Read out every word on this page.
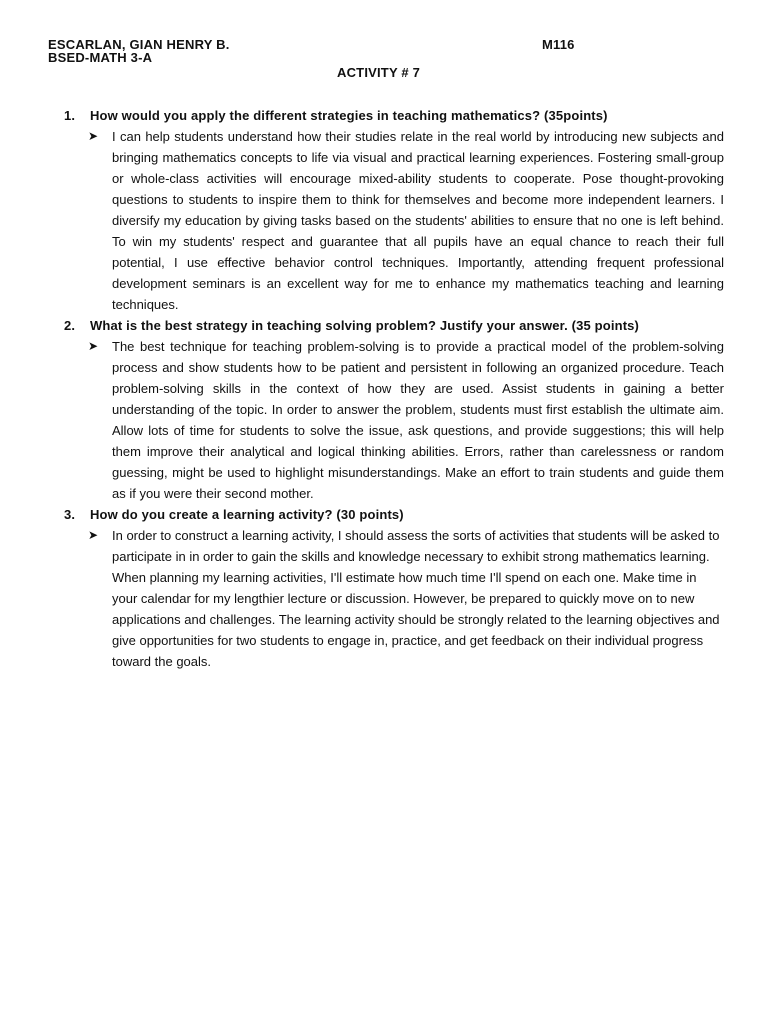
ESCARLAN, GIAN HENRY B.
BSED-MATH 3-A
M116
ACTIVITY # 7
1.	How would you apply the different strategies in teaching mathematics? (35points)
➤	I can help students understand how their studies relate in the real world by introducing new subjects and bringing mathematics concepts to life via visual and practical learning experiences. Fostering small-group or whole-class activities will encourage mixed-ability students to cooperate. Pose thought-provoking questions to students to inspire them to think for themselves and become more independent learners. I diversify my education by giving tasks based on the students' abilities to ensure that no one is left behind. To win my students' respect and guarantee that all pupils have an equal chance to reach their full potential, I use effective behavior control techniques. Importantly, attending frequent professional development seminars is an excellent way for me to enhance my mathematics teaching and learning techniques.

2.	What is the best strategy in teaching solving problem? Justify your answer. (35 points)
➤	The best technique for teaching problem-solving is to provide a practical model of the problem-solving process and show students how to be patient and persistent in following an organized procedure. Teach problem-solving skills in the context of how they are used. Assist students in gaining a better understanding of the topic. In order to answer the problem, students must first establish the ultimate aim. Allow lots of time for students to solve the issue, ask questions, and provide suggestions; this will help them improve their analytical and logical thinking abilities. Errors, rather than carelessness or random guessing, might be used to highlight misunderstandings. Make an effort to train students and guide them as if you were their second mother.

3.	How do you create a learning activity? (30 points)
➤	In order to construct a learning activity, I should assess the sorts of activities that students will be asked to participate in in order to gain the skills and knowledge necessary to exhibit strong mathematics learning. When planning my learning activities, I'll estimate how much time I'll spend on each one. Make time in your calendar for my lengthier lecture or discussion. However, be prepared to quickly move on to new applications and challenges. The learning activity should be strongly related to the learning objectives and give opportunities for two students to engage in, practice, and get feedback on their individual progress toward the goals.
